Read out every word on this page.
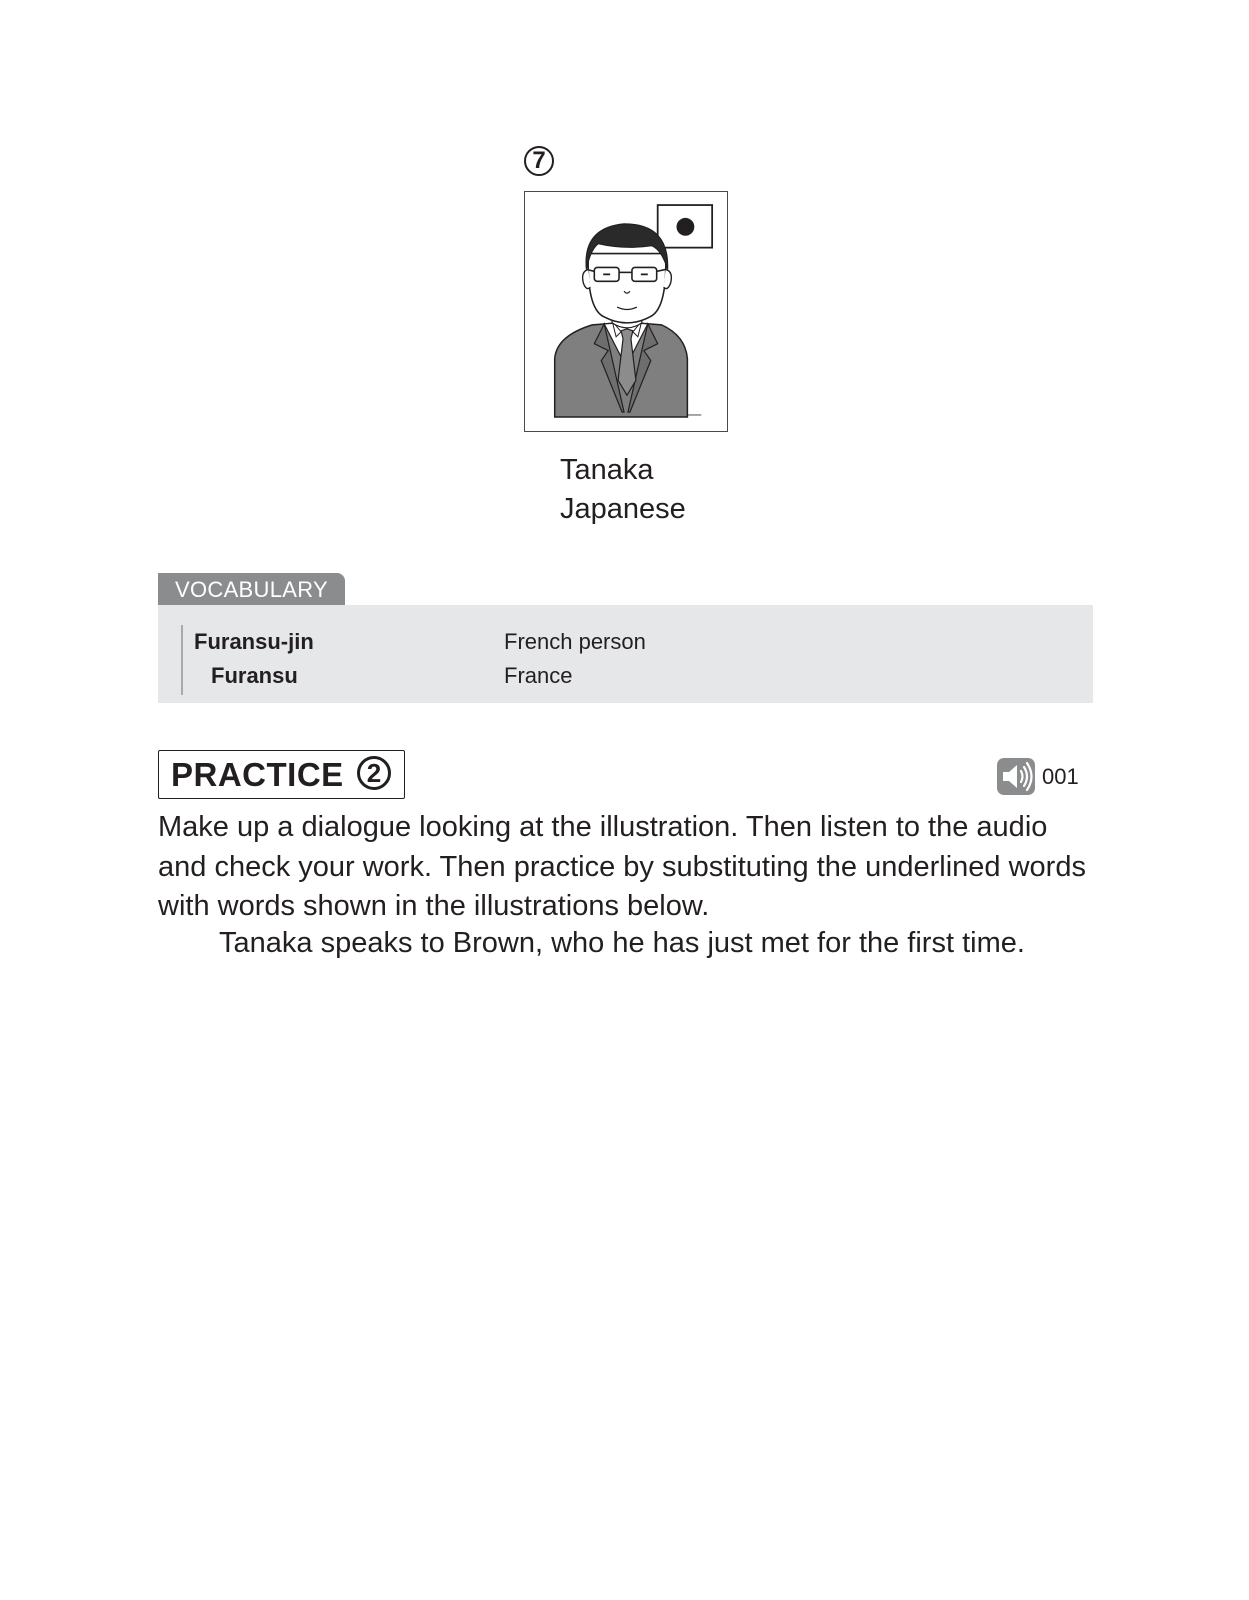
7
Tanaka
Japanese
VOCABULARY
Furansu-jin	French person
Furansu	France
PRACTICE 2	001
Make up a dialogue looking at the illustration. Then listen to the audio and check your work. Then practice by substituting the underlined words with words shown in the illustrations below.
Tanaka speaks to Brown, who he has just met for the first time.
